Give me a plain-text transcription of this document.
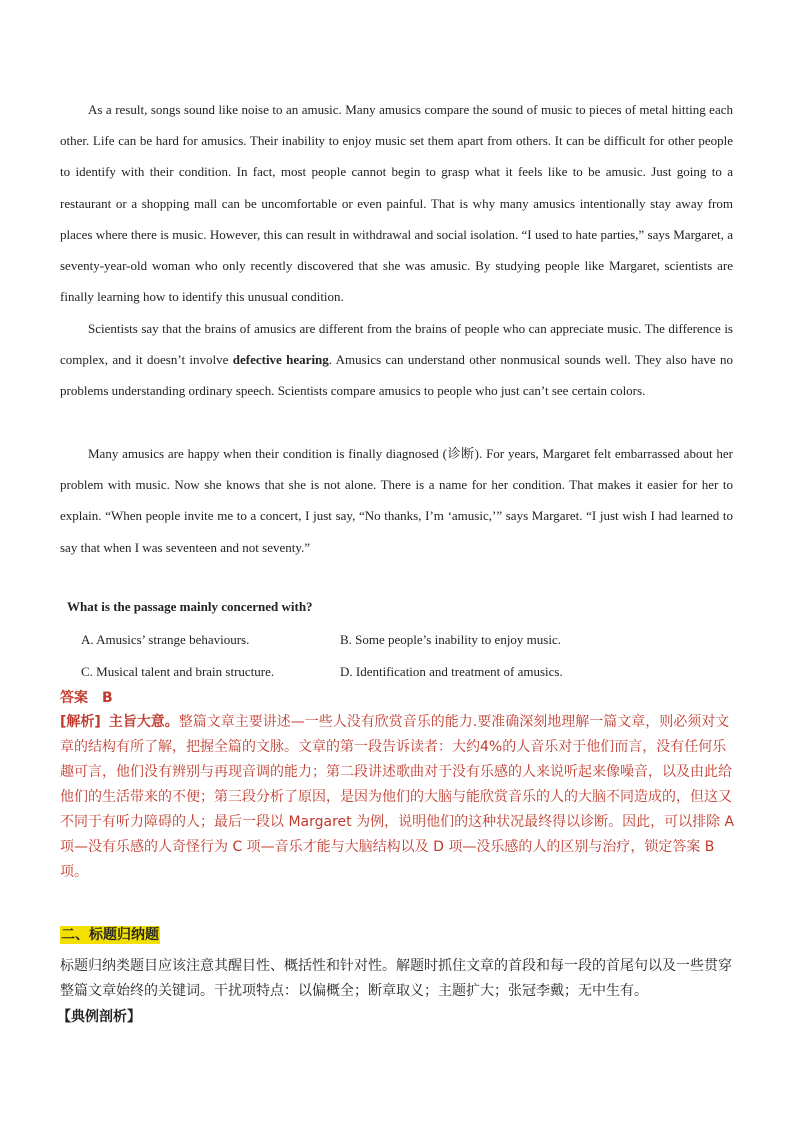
As a result, songs sound like noise to an amusic. Many amusics compare the sound of music to pieces of metal hitting each other. Life can be hard for amusics. Their inability to enjoy music set them apart from others. It can be difficult for other people to identify with their condition. In fact, most people cannot begin to grasp what it feels like to be amusic. Just going to a restaurant or a shopping mall can be uncomfortable or even painful. That is why many amusics intentionally stay away from places where there is music. However, this can result in withdrawal and social isolation. “I used to hate parties,” says Margaret, a seventy-year-old woman who only recently discovered that she was amusic. By studying people like Margaret, scientists are finally learning how to identify this unusual condition.

Scientists say that the brains of amusics are different from the brains of people who can appreciate music. The difference is complex, and it doesn’t involve defective hearing. Amusics can understand other nonmusical sounds well. They also have no problems understanding ordinary speech. Scientists compare amusics to people who just can’t see certain colors.

Many amusics are happy when their condition is finally diagnosed (诊断). For years, Margaret felt embarrassed about her problem with music. Now she knows that she is not alone. There is a name for her condition. That makes it easier for her to explain. “When people invite me to a concert, I just say, “No thanks, I’m ‘amusic,’” says Margaret. “I just wish I had learned to say that when I was seventeen and not seventy.”

What is the passage mainly concerned with?
A. Amusics’ strange behaviours.	B. Some people’s inability to enjoy music.
C. Musical talent and brain structure.	D. Identification and treatment of amusics.
答案 B

[解析] 主旨大意。整篇文章主要讲述—一些人没有欣赏音乐的能力.要准确深刻地理解一篇文章，则必须对文章的结构有所了解，把握全篇的文脉。文章的第一段告诉读者：大约4%的人音乐对于他们而言，没有任何乐趣可言，他们没有辨别与再现音调的能力；第二段讲述歌曲对于没有乐感的人来说听起来像噪音，以及由此给他们的生活带来的不便；第三段分析了原因，是因为他们的大脑与能欣赏音乐的人的大脑不同造成的，但这又不同于有听力障碍的人；最后一段以 Margaret 为例，说明他们的这种状况最终得以诊断。因此，可以排除 A 项—没有乐感的人奇怪行为 C 项—音乐才能与大脑结构以及 D 项—没乐感的人的区别与治疗，锁定答案 B 项。

二、标题归纳题

标题归纳类题目应该注意其醒目性、概括性和针对性。解题时抓住文章的首段和每一段的首尾句以及一些贯穿整篇文章始终的关键词。干扰项特点：以偏概全；断章取义；主题扩大；张冠李戴；无中生有。

【典例剖析】
